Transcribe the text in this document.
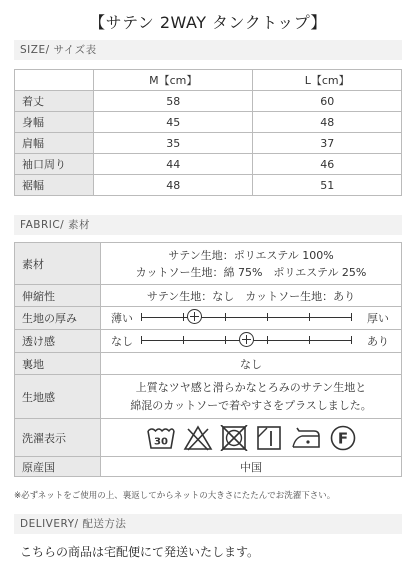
【サテン 2WAY タンクトップ】
SIZE/ サイズ表
	M【cm】	L【cm】
着丈	58	60
身幅	45	48
肩幅	35	37
袖口周り	44	46
裾幅	48	51
FABRIC/ 素材
素材	サテン生地：ポリエステル 100%
カットソー生地：綿 75%　ポリエステル 25%

伸縮性	サテン生地：なし　カットソー生地：あり
生地の厚み	薄い 厚い

透け感	なし あり

裏地	なし
生地感	上質なツヤ感と滑らかなとろみのサテン生地と
綿混のカットソーで着やすさをプラスしました。

洗濯表示	30 F

原産国	中国
※必ずネットをご使用の上、裏返してからネットの大きさにたたんでお洗濯下さい。
DELIVERY/ 配送方法
こちらの商品は宅配便にて発送いたします。
